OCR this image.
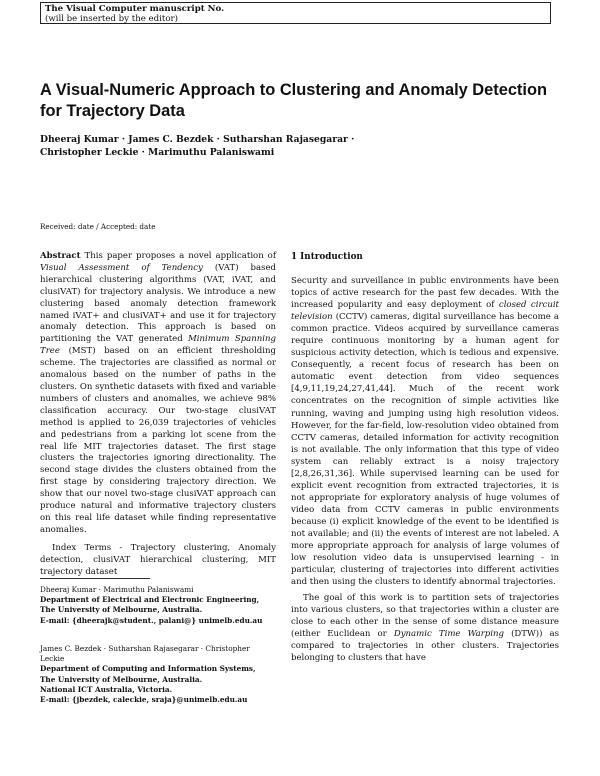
The Visual Computer manuscript No.
(will be inserted by the editor)
A Visual-Numeric Approach to Clustering and Anomaly Detection for Trajectory Data
Dheeraj Kumar · James C. Bezdek · Sutharshan Rajasegarar ·
Christopher Leckie · Marimuthu Palaniswami
Received: date / Accepted: date

Abstract This paper proposes a novel application of Visual Assessment of Tendency (VAT) based hierarchical clustering algorithms (VAT, iVAT, and clusiVAT) for trajectory analysis. We introduce a new clustering based anomaly detection framework named iVAT+ and clusiVAT+ and use it for trajectory anomaly detection. This approach is based on partitioning the VAT generated Minimum Spanning Tree (MST) based on an efficient thresholding scheme. The trajectories are classified as normal or anomalous based on the number of paths in the clusters. On synthetic datasets with fixed and variable numbers of clusters and anomalies, we achieve 98% classification accuracy. Our two-stage clusiVAT method is applied to 26,039 trajectories of vehicles and pedestrians from a parking lot scene from the real life MIT trajectories dataset. The first stage clusters the trajectories ignoring directionality. The second stage divides the clusters obtained from the first stage by considering trajectory direction. We show that our novel two-stage clusiVAT approach can produce natural and informative trajectory clusters on this real life dataset while finding representative anomalies.

Index Terms - Trajectory clustering, Anomaly detection, clusiVAT hierarchical clustering, MIT trajectory dataset

Dheeraj Kumar · Marimuthu Palaniswami
Department of Electrical and Electronic Engineering,
The University of Melbourne, Australia.
E-mail: {dheerajk@student., palani@} unimelb.edu.au
James C. Bezdek · Sutharshan Rajasegarar · Christopher
Leckie
Department of Computing and Information Systems,
The University of Melbourne, Australia.
National ICT Australia, Victoria.
E-mail: {jbezdek, caleckie, sraja}@unimelb.edu.au
1 Introduction

Security and surveillance in public environments have been topics of active research for the past few decades. With the increased popularity and easy deployment of closed circuit television (CCTV) cameras, digital surveillance has become a common practice. Videos acquired by surveillance cameras require continuous monitoring by a human agent for suspicious activity detection, which is tedious and expensive. Consequently, a recent focus of research has been on automatic event detection from video sequences [4,9,11,19,24,27,41,44]. Much of the recent work concentrates on the recognition of simple activities like running, waving and jumping using high resolution videos. However, for the far-field, low-resolution video obtained from CCTV cameras, detailed information for activity recognition is not available. The only information that this type of video system can reliably extract is a noisy trajectory [2,8,26,31,36]. While supervised learning can be used for explicit event recognition from extracted trajectories, it is not appropriate for exploratory analysis of huge volumes of video data from CCTV cameras in public environments because (i) explicit knowledge of the event to be identified is not available; and (ii) the events of interest are not labeled. A more appropriate approach for analysis of large volumes of low resolution video data is unsupervised learning - in particular, clustering of trajectories into different activities and then using the clusters to identify abnormal trajectories.

The goal of this work is to partition sets of trajectories into various clusters, so that trajectories within a cluster are close to each other in the sense of some distance measure (either Euclidean or Dynamic Time Warping (DTW)) as compared to trajectories in other clusters. Trajectories belonging to clusters that have
